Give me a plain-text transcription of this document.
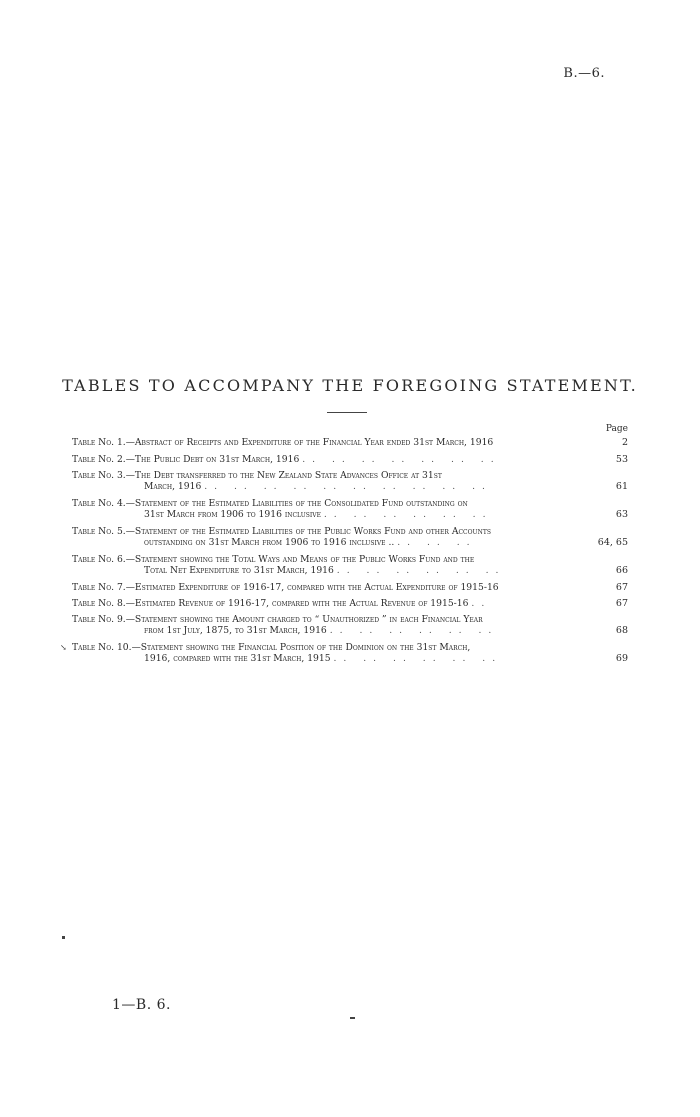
B.—6.
TABLES TO ACCOMPANY THE FOREGOING STATEMENT.
Page
Table No. 1.—Abstract of Receipts and Expenditure of the Financial Year ended 31st March, 1916	2
Table No. 2.—The Public Debt on 31st March, 1916 .. .. .. .. .. .. ..	53
Table No. 3.—The Debt transferred to the New Zealand State Advances Office at 31st
March, 1916 .. .. .. .. .. .. .. .. .. ..	61
Table No. 4.—Statement of the Estimated Liabilities of the Consolidated Fund outstanding on
31st March from 1906 to 1916 inclusive .. .. .. .. .. ..	63
Table No. 5.—Statement of the Estimated Liabilities of the Public Works Fund and other Accounts
outstanding on 31st March from 1906 to 1916 inclusive .. .. .. ..	64, 65
Table No. 6.—Statement showing the Total Ways and Means of the Public Works Fund and the
Total Net Expenditure to 31st March, 1916 .. .. .. .. .. ..	66
Table No. 7.—Estimated Expenditure of 1916-17, compared with the Actual Expenditure of 1915-16	67
Table No. 8.—Estimated Revenue of 1916-17, compared with the Actual Revenue of 1915-16 ..	67
Table No. 9.—Statement showing the Amount charged to “ Unauthorized ” in each Financial Year
from 1st July, 1875, to 31st March, 1916 .. .. .. .. .. ..	68
↘ Table No. 10.—Statement showing the Financial Position of the Dominion on the 31st March,
1916, compared with the 31st March, 1915 .. .. .. .. .. ..	69
1—B. 6.
